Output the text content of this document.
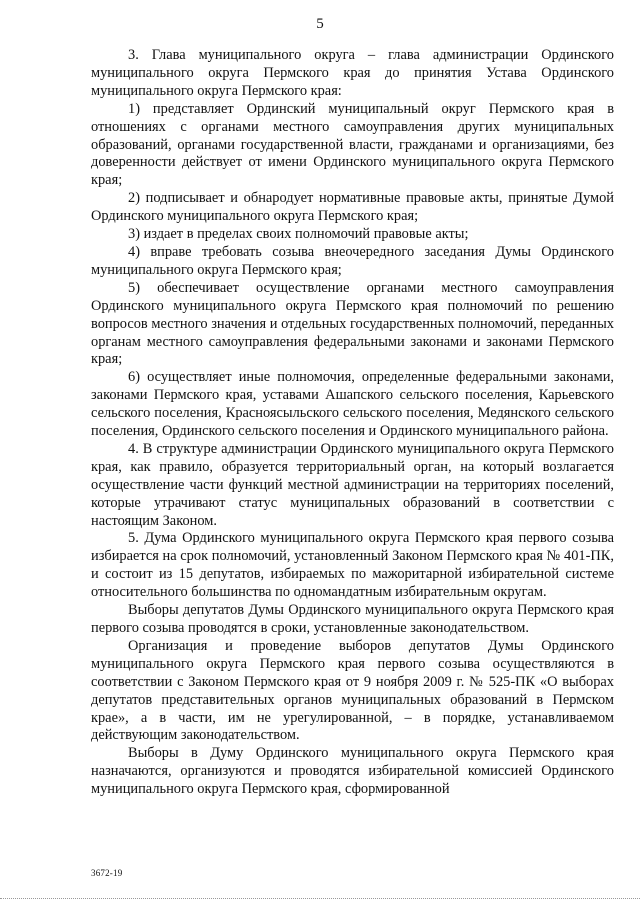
5

3. Глава муниципального округа – глава администрации Ординского муниципального округа Пермского края до принятия Устава Ординского муниципального округа Пермского края:

1) представляет Ординский муниципальный округ Пермского края в отношениях с органами местного самоуправления других муниципальных образований, органами государственной власти, гражданами и организациями, без доверенности действует от имени Ординского муниципального округа Пермского края;

2) подписывает и обнародует нормативные правовые акты, принятые Думой Ординского муниципального округа Пермского края;

3) издает в пределах своих полномочий правовые акты;

4) вправе требовать созыва внеочередного заседания Думы Ординского муниципального округа Пермского края;

5) обеспечивает осуществление органами местного самоуправления Ординского муниципального округа Пермского края полномочий по решению вопросов местного значения и отдельных государственных полномочий, переданных органам местного самоуправления федеральными законами и законами Пермского края;

6) осуществляет иные полномочия, определенные федеральными законами, законами Пермского края, уставами Ашапского сельского поселения, Карьевского сельского поселения, Красноясыльского сельского поселения, Медянского сельского поселения, Ординского сельского поселения и Ординского муниципального района.

4. В структуре администрации Ординского муниципального округа Пермского края, как правило, образуется территориальный орган, на который возлагается осуществление части функций местной администрации на территориях поселений, которые утрачивают статус муниципальных образований в соответствии с настоящим Законом.

5. Дума Ординского муниципального округа Пермского края первого созыва избирается на срок полномочий, установленный Законом Пермского края № 401-ПК, и состоит из 15 депутатов, избираемых по мажоритарной избирательной системе относительного большинства по одномандатным избирательным округам.

Выборы депутатов Думы Ординского муниципального округа Пермского края первого созыва проводятся в сроки, установленные законодательством.

Организация и проведение выборов депутатов Думы Ординского муниципального округа Пермского края первого созыва осуществляются в соответствии с Законом Пермского края от 9 ноября 2009 г. № 525-ПК «О выборах депутатов представительных органов муниципальных образований в Пермском крае», а в части, им не урегулированной, – в порядке, устанавливаемом действующим законодательством.

Выборы в Думу Ординского муниципального округа Пермского края назначаются, организуются и проводятся избирательной комиссией Ординского муниципального округа Пермского края, сформированной

3672-19
